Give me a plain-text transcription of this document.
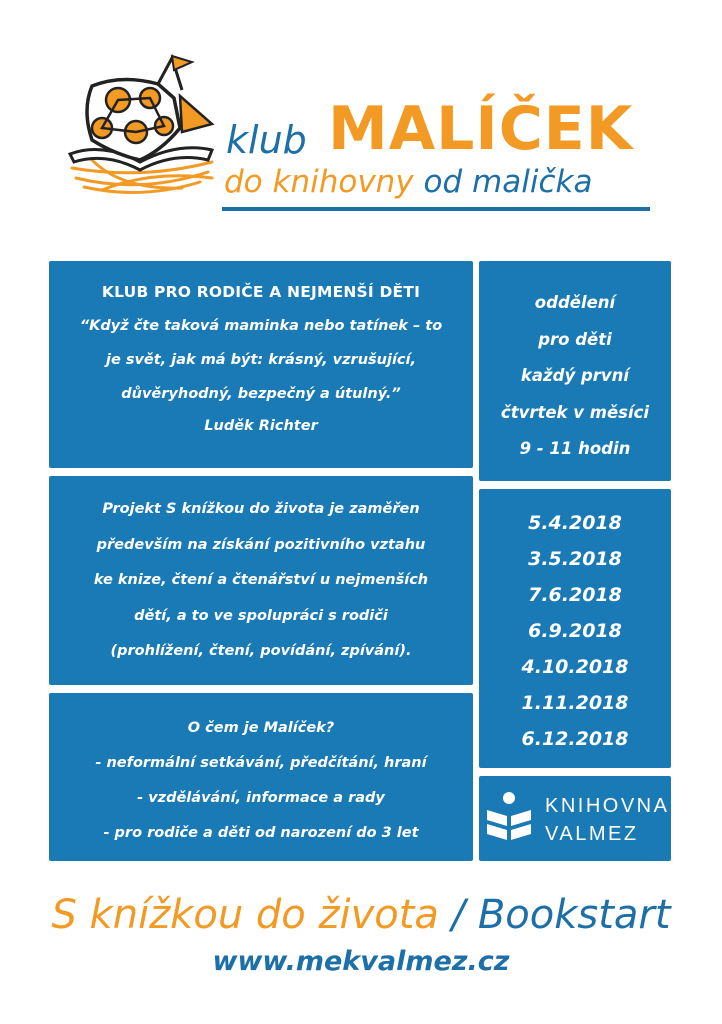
klub MALÍČEK
do knihovny od malička
KLUB PRO RODIČE A NEJMENŠÍ DĚTI
“Když čte taková maminka nebo tatínek – to
je svět, jak má být: krásný, vzrušující,
důvěryhodný, bezpečný a útulný.”
Luděk Richter
Projekt S knížkou do života je zaměřen
především na získání pozitivního vztahu
ke knize, čtení a čtenářství u nejmenších
dětí, a to ve spolupráci s rodiči
(prohlížení, čtení, povídání, zpívání).
O čem je Malíček?
- neformální setkávání, předčítání, hraní
- vzdělávání, informace a rady
- pro rodiče a děti od narození do 3 let
oddělení
pro děti
každý první
čtvrtek v měsíci
9 - 11 hodin
5.4.2018
3.5.2018
7.6.2018
6.9.2018
4.10.2018
1.11.2018
6.12.2018
KNIHOVNA
VALMEZ
S knížkou do života / Bookstart
www.mekvalmez.cz
